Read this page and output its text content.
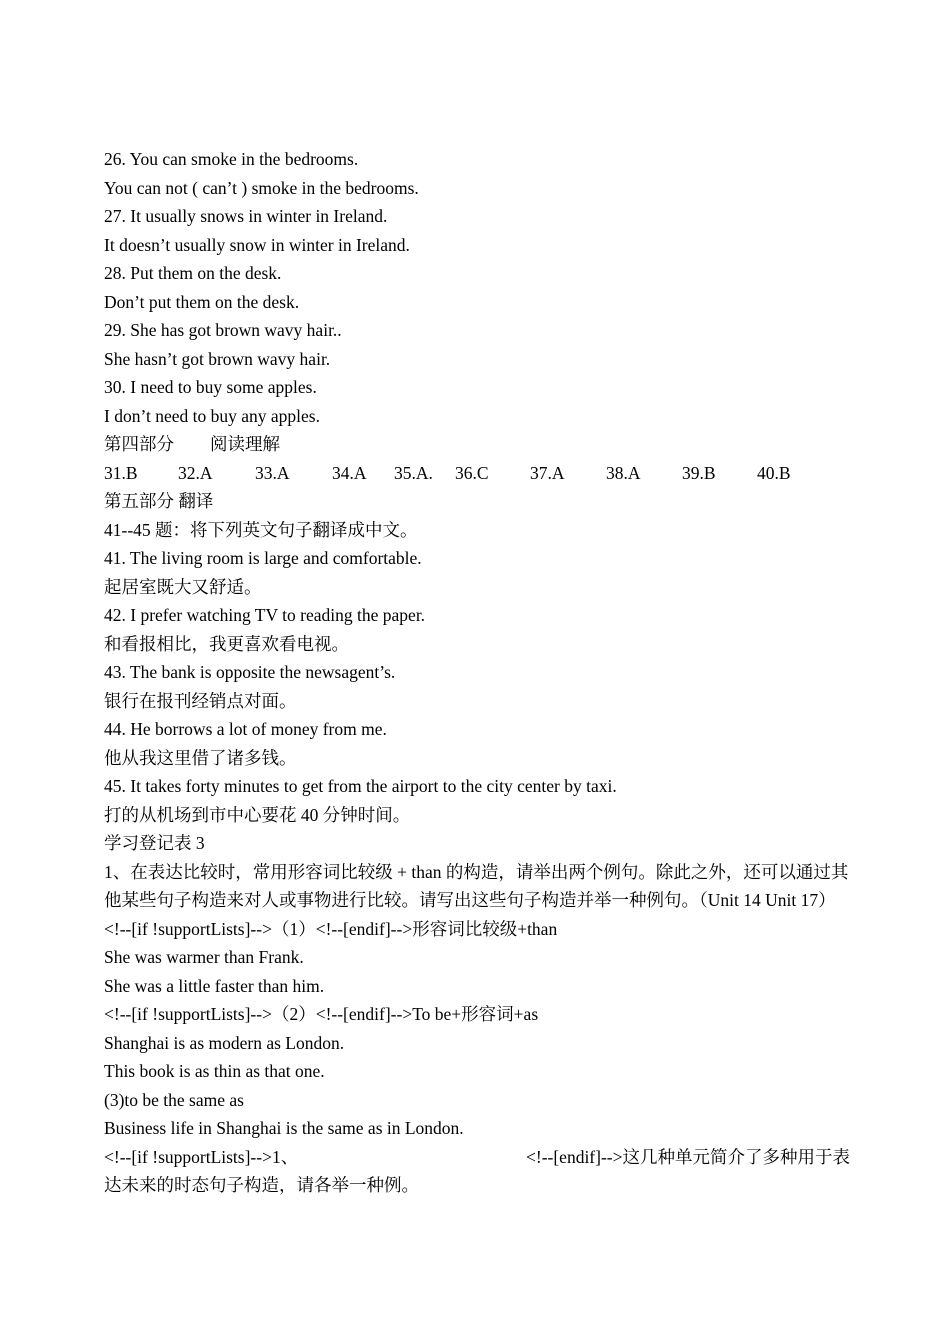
26. You can smoke in the bedrooms.
You can not ( can’t ) smoke in the bedrooms.
27. It usually snows in winter in Ireland.
It doesn’t usually snow in winter in Ireland.
28. Put them on the desk.
Don’t put them on the desk.
29. She has got brown wavy hair..
She hasn’t got brown wavy hair.
30. I need to buy some apples.
I don’t need to buy any apples.
第四部分 阅读理解
31.B	32.A	33.A	34.A	35.A.	36.C	37.A	38.A	39.B	40.B
第五部分 翻译
41--45 题：将下列英文句子翻译成中文。
41. The living room is large and comfortable.
起居室既大又舒适。
42. I prefer watching TV to reading the paper.
和看报相比，我更喜欢看电视。
43. The bank is opposite the newsagent’s.
银行在报刊经销点对面。
44. He borrows a lot of money from me.
他从我这里借了诸多钱。
45. It takes forty minutes to get from the airport to the city center by taxi.
打的从机场到市中心要花 40 分钟时间。
学习登记表 3
1、在表达比较时，常用形容词比较级 + than 的构造，请举出两个例句。除此之外，还可以通过其他某些句子构造来对人或事物进行比较。请写出这些句子构造并举一种例句。（Unit 14 Unit 17）
<!--[if !supportLists]-->（1）<!--[endif]-->形容词比较级+than
She was warmer than Frank.
She was a little faster than him.
<!--[if !supportLists]-->（2）<!--[endif]-->To be+形容词+as
Shanghai is as modern as London.
This book is as thin as that one.
(3)to be the same as
Business life in Shanghai is the same as in London.
<!--[if !supportLists]-->1、	<!--[endif]-->这几种单元简介了多种用于表
达未来的时态句子构造，请各举一种例。
